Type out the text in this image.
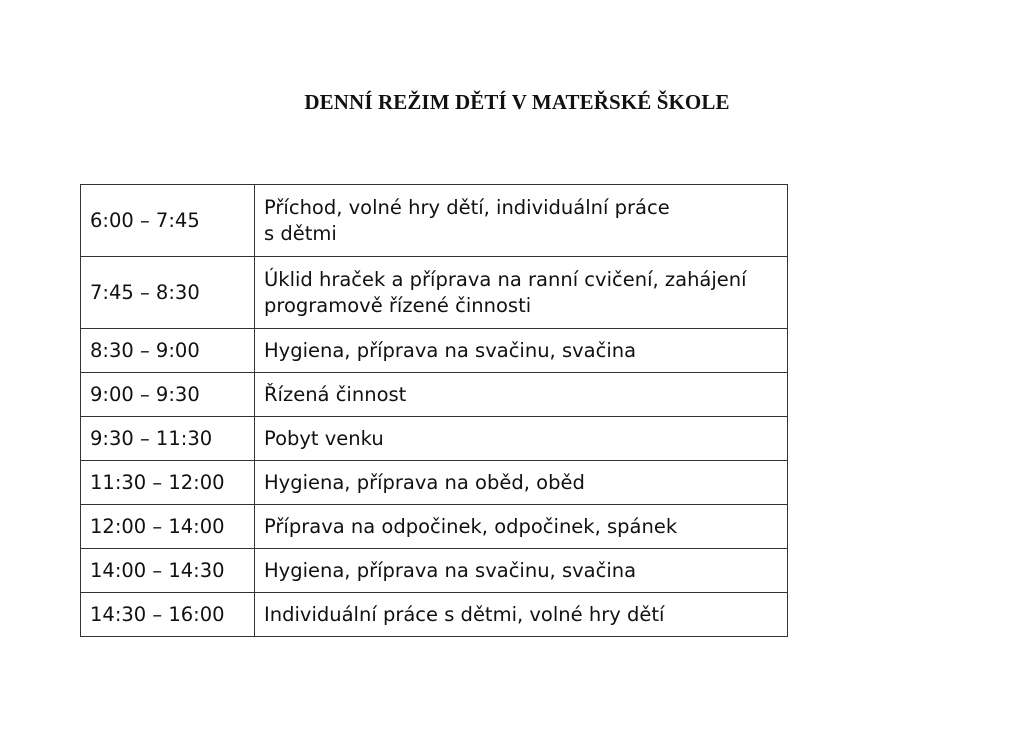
DENNÍ REŽIM DĚTÍ V MATEŘSKÉ ŠKOLE
6:00 – 7:45	Příchod, volné hry dětí, individuální práce
s dětmi
7:45 – 8:30	Úklid hraček a příprava na ranní cvičení, zahájení programově řízené činnosti
8:30 – 9:00	Hygiena, příprava na svačinu, svačina
9:00 – 9:30	Řízená činnost
9:30 – 11:30	Pobyt venku
11:30 – 12:00	Hygiena, příprava na oběd, oběd
12:00 – 14:00	Příprava na odpočinek, odpočinek, spánek
14:00 – 14:30	Hygiena, příprava na svačinu, svačina
14:30 – 16:00	Individuální práce s dětmi, volné hry dětí
